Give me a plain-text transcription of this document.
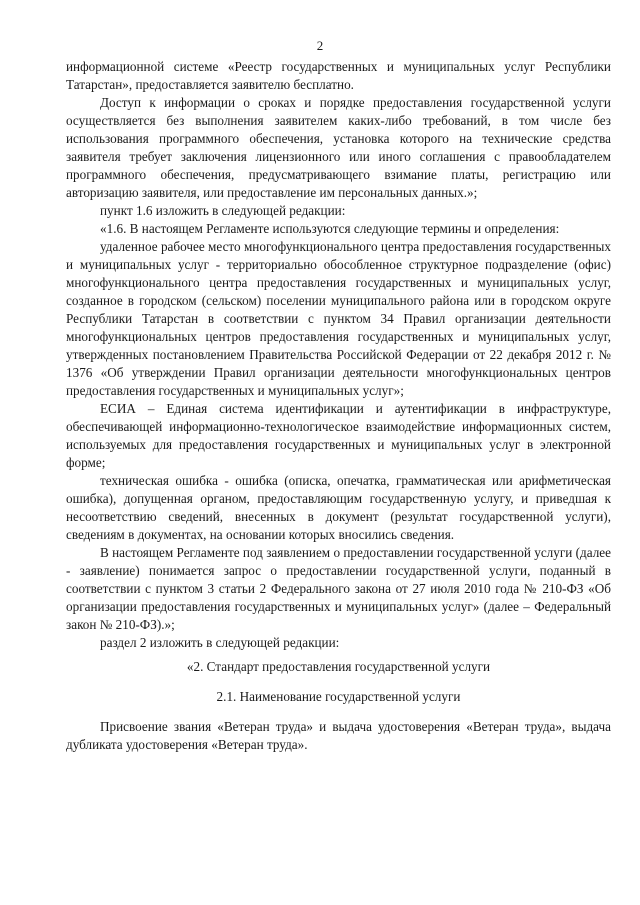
2

информационной системе «Реестр государственных и муниципальных услуг Республики Татарстан», предоставляется заявителю бесплатно.

Доступ к информации о сроках и порядке предоставления государственной услуги осуществляется без выполнения заявителем каких-либо требований, в том числе без использования программного обеспечения, установка которого на технические средства заявителя требует заключения лицензионного или иного соглашения с правообладателем программного обеспечения, предусматривающего взимание платы, регистрацию или авторизацию заявителя, или предоставление им персональных данных.»;

пункт 1.6 изложить в следующей редакции:

«1.6. В настоящем Регламенте используются следующие термины и определения:

удаленное рабочее место многофункционального центра предоставления государственных и муниципальных услуг - территориально обособленное структурное подразделение (офис) многофункционального центра предоставления государственных и муниципальных услуг, созданное в городском (сельском) поселении муниципального района или в городском округе Республики Татарстан в соответствии с пунктом 34 Правил организации деятельности многофункциональных центров предоставления государственных и муниципальных услуг, утвержденных постановлением Правительства Российской Федерации от 22 декабря 2012 г. № 1376 «Об утверждении Правил организации деятельности многофункциональных центров предоставления государственных и муниципальных услуг»;

ЕСИА – Единая система идентификации и аутентификации в инфраструктуре, обеспечивающей информационно-технологическое взаимодействие информационных систем, используемых для предоставления государственных и муниципальных услуг в электронной форме;

техническая ошибка - ошибка (описка, опечатка, грамматическая или арифметическая ошибка), допущенная органом, предоставляющим государственную услугу, и приведшая к несоответствию сведений, внесенных в документ (результат государственной услуги), сведениям в документах, на основании которых вносились сведения.

В настоящем Регламенте под заявлением о предоставлении государственной услуги (далее - заявление) понимается запрос о предоставлении государственной услуги, поданный в соответствии с пунктом 3 статьи 2 Федерального закона от 27 июля 2010 года № 210-ФЗ «Об организации предоставления государственных и муниципальных услуг» (далее – Федеральный закон № 210-ФЗ).»;

раздел 2 изложить в следующей редакции:

«2. Стандарт предоставления государственной услуги

2.1. Наименование государственной услуги

Присвоение звания «Ветеран труда» и выдача удостоверения «Ветеран труда», выдача дубликата удостоверения «Ветеран труда».
